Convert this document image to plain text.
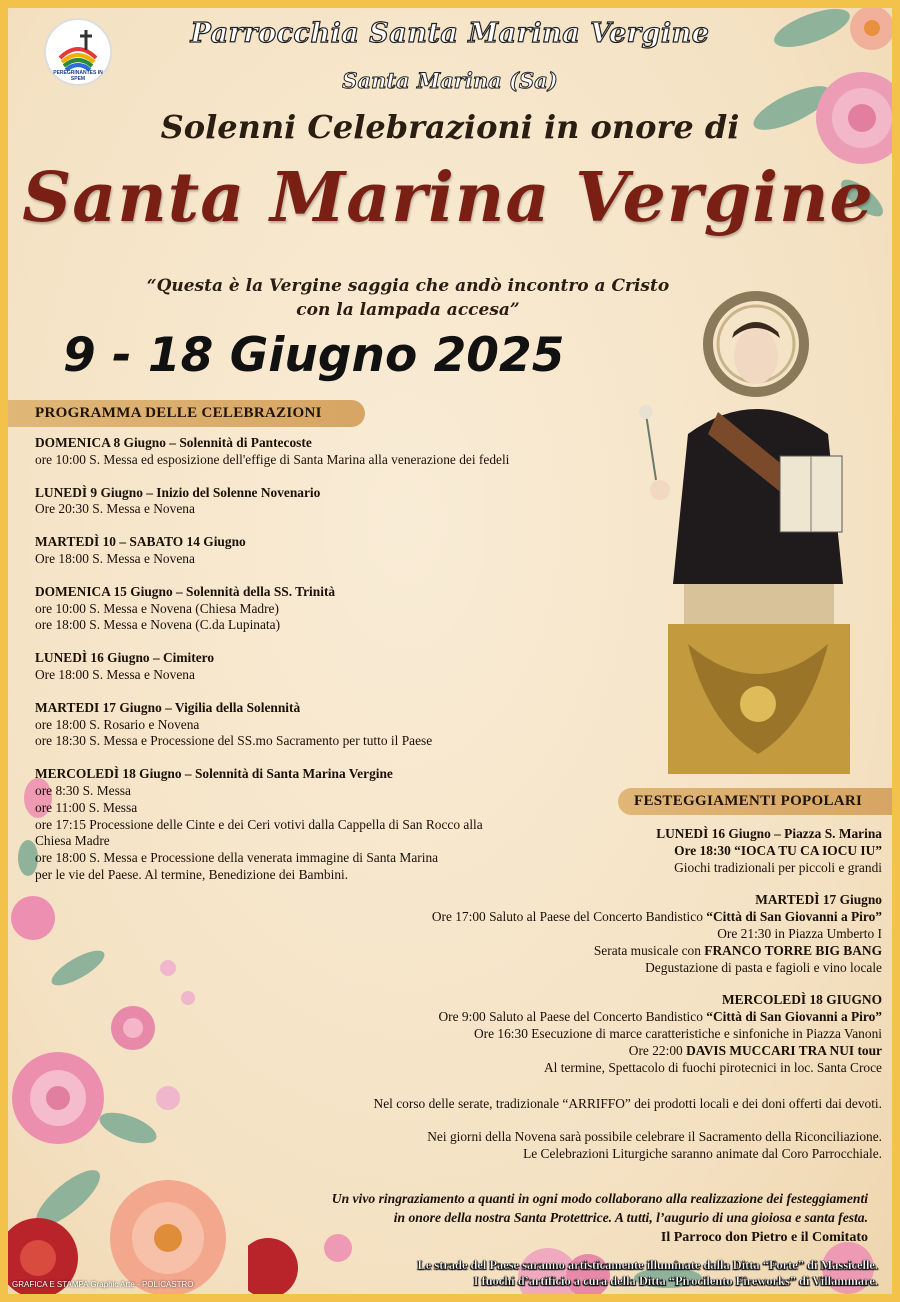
PEREGRINANTES IN SPEM
Parrocchia Santa Marina Vergine
Santa Marina (Sa)
Solenni Celebrazioni in onore di
Santa Marina Vergine
“Questa è la Vergine saggia che andò incontro a Cristo
con la lampada accesa”
9 - 18 Giugno 2025
PROGRAMMA DELLE CELEBRAZIONI
DOMENICA 8 Giugno – Solennità di Pantecoste
ore 10:00 S. Messa ed esposizione dell'effige di Santa Marina alla venerazione dei fedeli
LUNEDÌ 9 Giugno – Inizio del Solenne Novenario
Ore 20:30 S. Messa e Novena
MARTEDÌ 10 – SABATO 14 Giugno
Ore 18:00 S. Messa e Novena
DOMENICA 15 Giugno – Solennità della SS. Trinità
ore 10:00 S. Messa e Novena (Chiesa Madre)
ore 18:00 S. Messa e Novena (C.da Lupinata)
LUNEDÌ 16 Giugno – Cimitero
Ore 18:00 S. Messa e Novena
MARTEDI 17 Giugno – Vigilia della Solennità
ore 18:00 S. Rosario e Novena
ore 18:30 S. Messa e Processione del SS.mo Sacramento per tutto il Paese
MERCOLEDÌ 18 Giugno – Solennità di Santa Marina Vergine
ore 8:30 S. Messa
ore 11:00 S. Messa
ore 17:15 Processione delle Cinte e dei Ceri votivi dalla Cappella di San Rocco alla
Chiesa Madre
ore 18:00 S. Messa e Processione della venerata immagine di Santa Marina
per le vie del Paese. Al termine, Benedizione dei Bambini.
FESTEGGIAMENTI POPOLARI
LUNEDÌ 16 Giugno – Piazza S. Marina
Ore 18:30 “IOCA TU CA IOCU IU”
Giochi tradizionali per piccoli e grandi
MARTEDÌ 17 Giugno
Ore 17:00 Saluto al Paese del Concerto Bandistico “Città di San Giovanni a Piro”
Ore 21:30 in Piazza Umberto I
Serata musicale con FRANCO TORRE BIG BANG
Degustazione di pasta e fagioli e vino locale
MERCOLEDÌ 18 GIUGNO
Ore 9:00 Saluto al Paese del Concerto Bandistico “Città di San Giovanni a Piro”
Ore 16:30 Esecuzione di marce caratteristiche e sinfoniche in Piazza Vanoni
Ore 22:00 DAVIS MUCCARI TRA NUI tour
Al termine, Spettacolo di fuochi pirotecnici in loc. Santa Croce
Nel corso delle serate, tradizionale “ARRIFFO” dei prodotti locali e dei doni offerti dai devoti.
Nei giorni della Novena sarà possibile celebrare il Sacramento della Riconciliazione.
Le Celebrazioni Liturgiche saranno animate dal Coro Parrocchiale.
Un vivo ringraziamento a quanti in ogni modo collaborano alla realizzazione dei festeggiamenti
in onore della nostra Santa Protettrice. A tutti, l’augurio di una gioiosa e santa festa.
Il Parroco don Pietro e il Comitato
Le strade del Paese saranno artisticamente illuminate dalla Ditta “Forte” di Massicelle.
I fuochi d’artificio a cura della Ditta “Pirocilento Fireworks” di Villammare.
GRAFICA E STAMPA Graphic Arte - POLICASTRO
